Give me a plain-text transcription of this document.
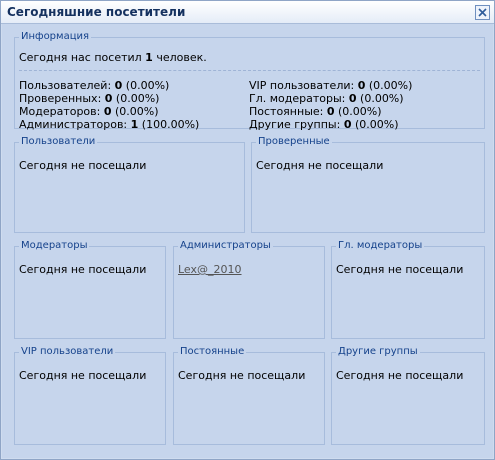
Сегодняшние посетители
Информация
Сегодня нас посетил 1 человек.
Пользователей: 0 (0.00%)
Проверенных: 0 (0.00%)
Модераторов: 0 (0.00%)
Администраторов: 1 (100.00%)
VIP пользователи: 0 (0.00%)
Гл. модераторы: 0 (0.00%)
Постоянные: 0 (0.00%)
Другие группы: 0 (0.00%)
Пользователи
Сегодня не посещали
Проверенные
Сегодня не посещали
Модераторы
Сегодня не посещали
Администраторы
Lex@_2010
Гл. модераторы
Сегодня не посещали
VIP пользователи
Сегодня не посещали
Постоянные
Сегодня не посещали
Другие группы
Сегодня не посещали
